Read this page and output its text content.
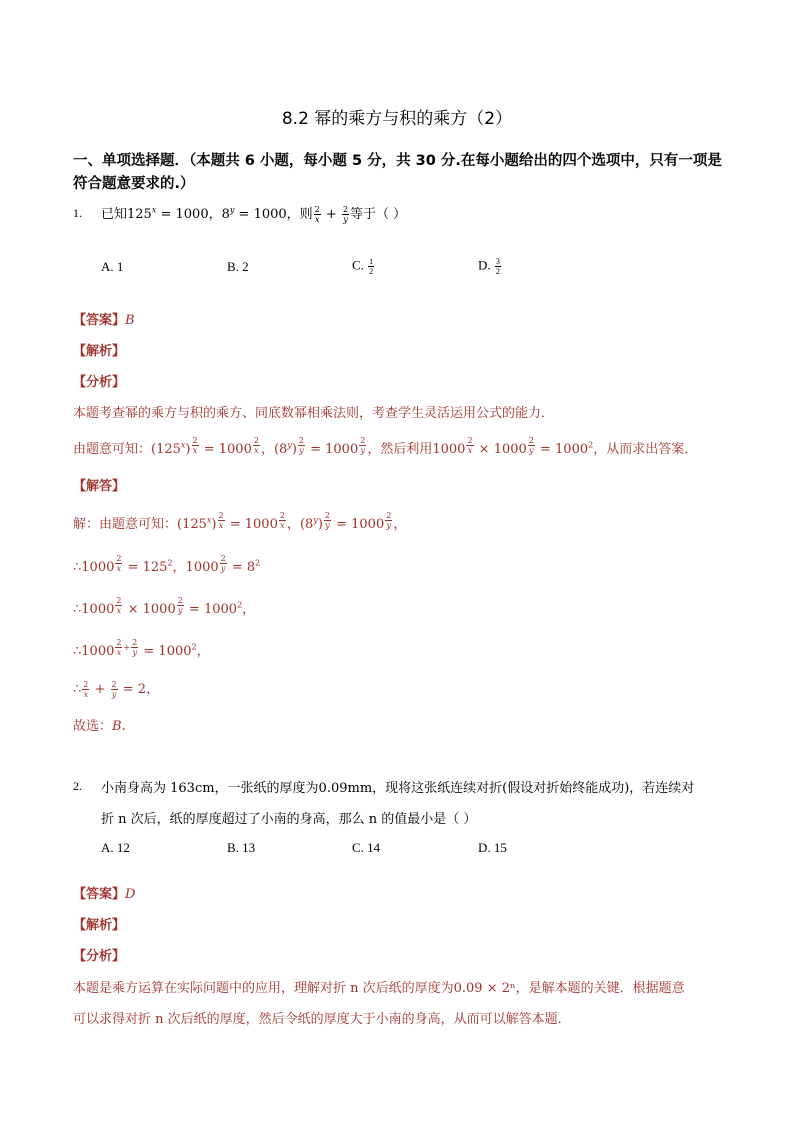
8.2 幂的乘方与积的乘方（2）
一、单项选择题．（本题共 6 小题，每小题 5 分，共 30 分.在每小题给出的四个选项中，只有一项是符合题意要求的.）
1. 已知$125^x = 1000$，$8^y = 1000$，则 $\frac{2}{x} + \frac{2}{y}$ 等于（ ）
A. 1	B. 2	C. $\frac{1}{2}$	D. $\frac{3}{2}$
【答案】B
【解析】
【分析】
本题考查幂的乘方与积的乘方、同底数幂相乘法则，考查学生灵活运用公式的能力．
由题意可知：(125$^x$) $^{\frac{2}{x}}$ = 1000 $^{\frac{2}{x}}$ ，(8$^y$) $^{\frac{2}{y}}$ = 1000 $^{\frac{2}{y}}$ ，然后利用1000 $^{\frac{2}{x}}$ × 1000 $^{\frac{2}{y}} = 1000^2$，从而求出答案．
【解答】
解：由题意可知：(125$^x$) $^{\frac{2}{x}}$ = 1000 $^{\frac{2}{x}}$ ，(8$^y$) $^{\frac{2}{y}}$ = 1000 $^{\frac{2}{y}}$ ，
∴1000 $^{\frac{2}{x}} = 125^2$，1000 $^{\frac{2}{y}} = 8^2$
∴1000 $^{\frac{2}{x}}$ × 1000 $^{\frac{2}{y}} = 1000^2$，
∴1000 $^{\frac{2}{x} + \frac{2}{y}} = 1000^2$，
∴ $\frac{2}{x} + \frac{2}{y} = 2$，
故选：B.
2. 小南身高为 163cm，一张纸的厚度为0.09mm，现将这张纸连续对折(假设对折始终能成功)，若连续对
折 n 次后，纸的厚度超过了小南的身高，那么 n 的值最小是（ ）
A. 12	B. 13	C. 14	D. 15
【答案】D
【解析】
【分析】
本题是乘方运算在实际问题中的应用，理解对折 n 次后纸的厚度为0.09 × 2ⁿ，是解本题的关键．根据题意
可以求得对折 n 次后纸的厚度，然后令纸的厚度大于小南的身高，从而可以解答本题．
